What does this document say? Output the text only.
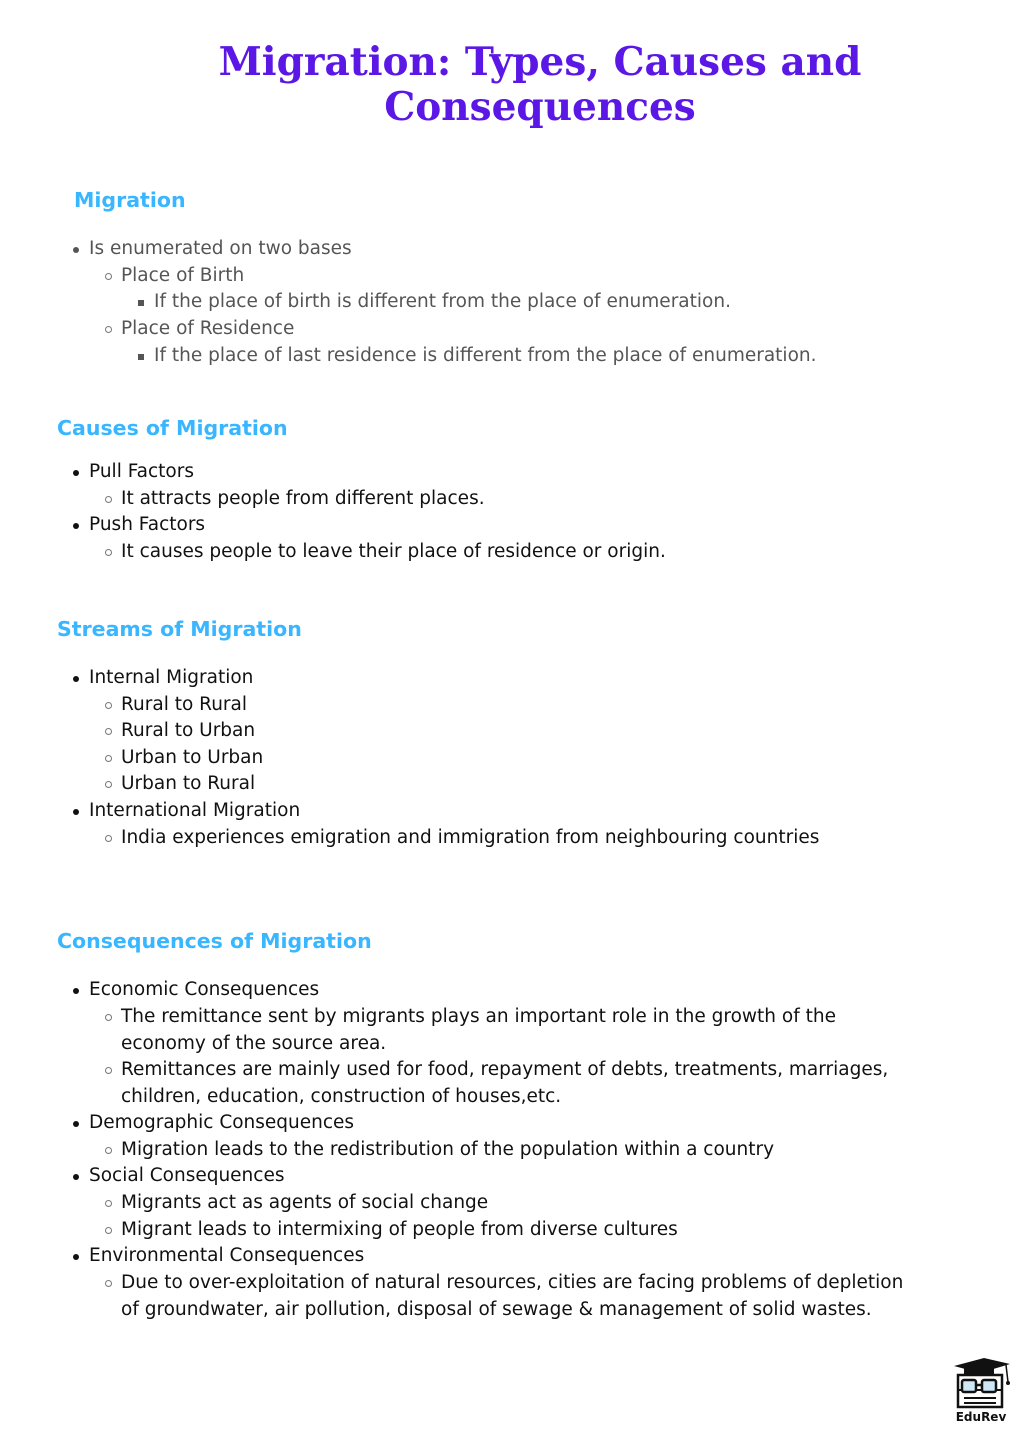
Migration: Types, Causes and Consequences
Migration
Is enumerated on two bases
Place of Birth
If the place of birth is different from the place of enumeration.
Place of Residence
If the place of last residence is different from the place of enumeration.
Causes of Migration
Pull Factors
It attracts people from different places.
Push Factors
It causes people to leave their place of residence or origin.
Streams of Migration
Internal Migration
Rural to Rural
Rural to Urban
Urban to Urban
Urban to Rural
International Migration
India experiences emigration and immigration from neighbouring countries
Consequences of Migration
Economic Consequences
The remittance sent by migrants plays an important role in the growth of the economy of the source area.
Remittances are mainly used for food, repayment of debts, treatments, marriages, children, education, construction of houses,etc.
Demographic Consequences
Migration leads to the redistribution of the population within a country
Social Consequences
Migrants act as agents of social change
Migrant leads to intermixing of people from diverse cultures
Environmental Consequences
Due to over-exploitation of natural resources, cities are facing problems of depletion of groundwater, air pollution, disposal of sewage & management of solid wastes.
EduRev
